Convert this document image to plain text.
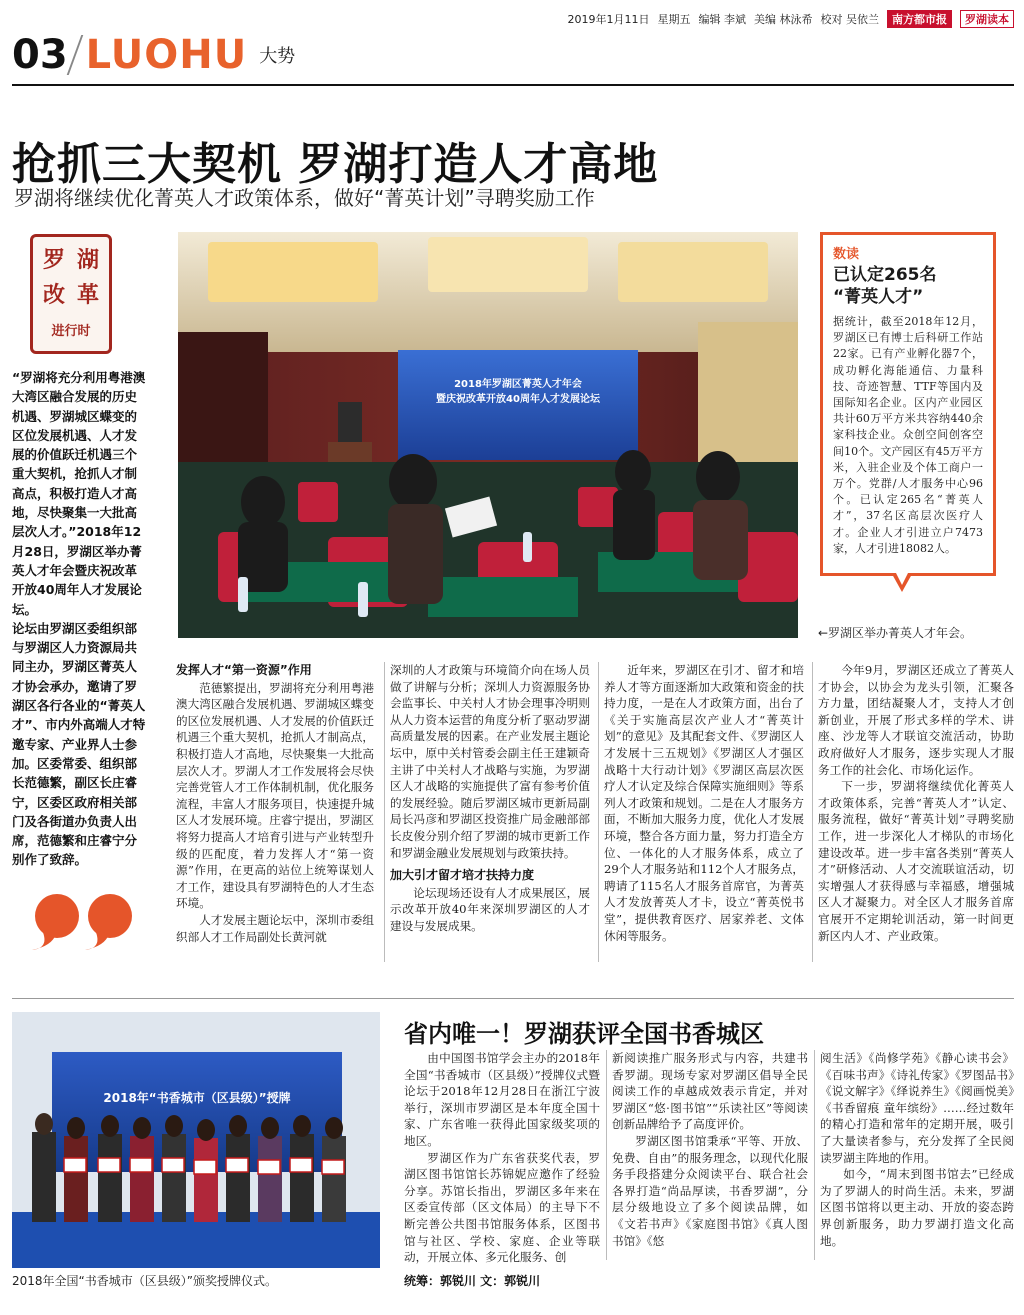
2019年1月11日 星期五 编辑 李斌 美编 林泳希 校对 吴依兰	南方都市报	罗湖读本
03 LUOHU 大势
抢抓三大契机 罗湖打造人才高地
罗湖将继续优化菁英人才政策体系，做好“菁英计划”寻聘奖励工作
罗 湖
改 革
进行时

“罗湖将充分利用粤港澳大湾区融合发展的历史机遇、罗湖城区蝶变的区位发展机遇、人才发展的价值跃迁机遇三个重大契机，抢抓人才制高点，积极打造人才高地，尽快聚集一大批高层次人才。”2018年12月28日，罗湖区举办菁英人才年会暨庆祝改革开放40周年人才发展论坛。

论坛由罗湖区委组织部与罗湖区人力资源局共同主办，罗湖区菁英人才协会承办，邀请了罗湖区各行各业的“菁英人才”、市内外高端人才特邀专家、产业界人士参加。区委常委、组织部长范德繁，副区长庄睿宁，区委区政府相关部门及各街道办负责人出席，范德繁和庄睿宁分别作了致辞。

2018年罗湖区菁英人才年会
暨庆祝改革开放40周年人才发展论坛
数读
已认定265名
“菁英人才”
据统计，截至2018年12月，罗湖区已有博士后科研工作站22家。已有产业孵化器7个，成功孵化海能通信、力量科技、奇迹智慧、TTF等国内及国际知名企业。区内产业园区共计60万平方米共容纳440余家科技企业。众创空间创客空间10个。文产园区有45万平方米，入驻企业及个体工商户一万个。党群/人才服务中心96个。已认定265名“菁英人才”，37名区高层次医疗人才。企业人才引进立户7473家，人才引进18082人。
←罗湖区举办菁英人才年会。
发挥人才“第一资源”作用

范德繁提出，罗湖将充分利用粤港澳大湾区融合发展机遇、罗湖城区蝶变的区位发展机遇、人才发展的价值跃迁机遇三个重大契机，抢抓人才制高点，积极打造人才高地，尽快聚集一大批高层次人才。罗湖人才工作发展将会尽快完善党管人才工作体制机制，优化服务流程，丰富人才服务项目，快速提升城区人才发展环境。庄睿宁提出，罗湖区将努力提高人才培育引进与产业转型升级的匹配度，着力发挥人才“第一资源”作用，在更高的站位上统筹谋划人才工作，建设具有罗湖特色的人才生态环境。

人才发展主题论坛中，深圳市委组织部人才工作局副处长黄河就

深圳的人才政策与环境简介向在场人员做了讲解与分析；深圳人力资源服务协会监事长、中关村人才协会理事冷明则从人力资本运营的角度分析了驱动罗湖高质量发展的因素。在产业发展主题论坛中，原中关村管委会副主任王建颖奇主讲了中关村人才战略与实施，为罗湖区人才战略的实施提供了富有参考价值的发展经验。随后罗湖区城市更新局副局长冯彦和罗湖区投资推广局金融部部长皮俊分别介绍了罗湖的城市更新工作和罗湖金融业发展规划与政策扶持。

加大引才留才培才扶持力度

论坛现场还设有人才成果展区，展示改革开放40年来深圳罗湖区的人才建设与发展成果。

近年来，罗湖区在引才、留才和培养人才等方面逐渐加大政策和资金的扶持力度，一是在人才政策方面，出台了《关于实施高层次产业人才“菁英计划”的意见》及其配套文件、《罗湖区人才发展十三五规划》《罗湖区人才强区战略十大行动计划》《罗湖区高层次医疗人才认定及综合保障实施细则》等系列人才政策和规划。二是在人才服务方面，不断加大服务力度，优化人才发展环境，整合各方面力量，努力打造全方位、一体化的人才服务体系，成立了29个人才服务站和112个人才服务点，聘请了115名人才服务首席官，为菁英人才发放菁英人才卡，设立“菁英悦书堂”，提供教育医疗、居家养老、文体休闲等服务。

今年9月，罗湖区还成立了菁英人才协会，以协会为龙头引领，汇聚各方力量，团结凝聚人才，支持人才创新创业，开展了形式多样的学术、讲座、沙龙等人才联谊交流活动，协助政府做好人才服务，逐步实现人才服务工作的社会化、市场化运作。

下一步，罗湖将继续优化菁英人才政策体系，完善“菁英人才”认定、服务流程，做好“菁英计划”寻聘奖励工作，进一步深化人才梯队的市场化建设改革。进一步丰富各类别“菁英人才”研修活动、人才交流联谊活动，切实增强人才获得感与幸福感，增强城区人才凝聚力。对全区人才服务首席官展开不定期轮训活动，第一时间更新区内人才、产业政策。

2018年“书香城市（区县级）”授牌
2018年全国“书香城市（区县级）”颁奖授牌仪式。
省内唯一！罗湖获评全国书香城区

由中国图书馆学会主办的2018年全国“书香城市（区县级）”授牌仪式暨论坛于2018年12月28日在浙江宁波举行，深圳市罗湖区是本年度全国十家、广东省唯一获得此国家级奖项的地区。

罗湖区作为广东省获奖代表，罗湖区图书馆馆长苏锦妮应邀作了经验分享。苏馆长指出，罗湖区多年来在区委宣传部（区文体局）的主导下不断完善公共图书馆服务体系，区图书馆与社区、学校、家庭、企业等联动，开展立体、多元化服务、创

新阅读推广服务形式与内容，共建书香罗湖。现场专家对罗湖区倡导全民阅读工作的卓越成效表示肯定，并对罗湖区“悠·图书馆”“乐读社区”等阅读创新品牌给予了高度评价。

罗湖区图书馆秉承“平等、开放、免费、自由”的服务理念，以现代化服务手段搭建分众阅读平台、联合社会各界打造“尚品厚读，书香罗湖”，分层分级地设立了多个阅读品牌，如《文若书声》《家庭图书馆》《真人图书馆》《悠

阅生活》《尚修学苑》《静心读书会》《百味书声》《诗礼传家》《罗图品书》《说文解字》《绎说养生》《阅画悦美》《书香留痕 童年缤纷》……经过数年的精心打造和常年的定期开展，吸引了大量读者参与，充分发挥了全民阅读罗湖主阵地的作用。

如今，“周末到图书馆去”已经成为了罗湖人的时尚生活。未来，罗湖区图书馆将以更主动、开放的姿态跨界创新服务，助力罗湖打造文化高地。

统筹：郭锐川 文：郭锐川
